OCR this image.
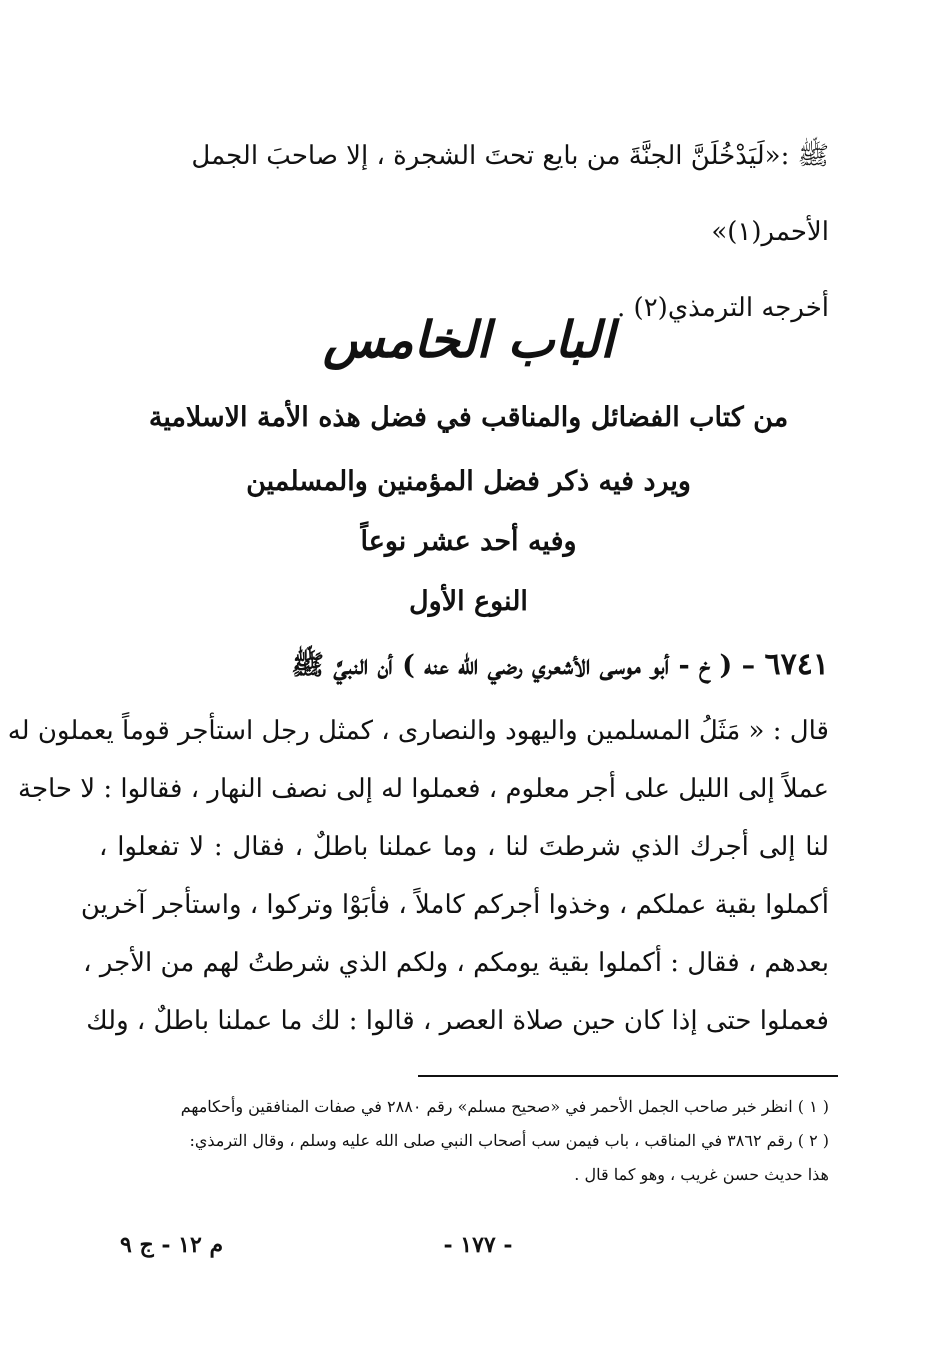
ﷺ :«لَيَدْخُلَنَّ الجنَّةَ من بايع تحتَ الشجرة ، إلا صاحبَ الجمل الأحمر(١)»
أخرجه الترمذي(٢) .
الباب الخامس
من كتاب الفضائل والمناقب في فضل هذه الأمة الاسلامية
ويرد فيه ذكر فضل المؤمنين والمسلمين
وفيه أحد عشر نوعاً
النوع الأول
٦٧٤١ – ( خ - أبو موسى الأشعري رضي الله عنه ) أن النبيَّ ﷺ
قال : « مَثَلُ المسلمين واليهود والنصارى ، كمثل رجل استأجر قوماً يعملون له
عملاً إلى الليل على أجر معلوم ، فعملوا له إلى نصف النهار ، فقالوا : لا حاجة
لنا إلى أجرك الذي شرطتَ لنا ، وما عملنا باطلٌ ، فقال : لا تفعلوا ،
أكملوا بقية عملكم ، وخذوا أجركم كاملاً ، فأبَوْا وتركوا ، واستأجر آخرين
بعدهم ، فقال : أكملوا بقية يومكم ، ولكم الذي شرطتُ لهم من الأجر ،
فعملوا حتى إذا كان حين صلاة العصر ، قالوا : لك ما عملنا باطلٌ ، ولك
( ١ ) انظر خبر صاحب الجمل الأحمر في «صحيح مسلم» رقم ٢٨٨٠ في صفات المنافقين وأحكامهم
( ٢ ) رقم ٣٨٦٢ في المناقب ، باب فيمن سب أصحاب النبي صلى الله عليه وسلم ، وقال الترمذي:
هذا حديث حسن غريب ، وهو كما قال .
- ١٧٧ -
م ١٢ - ج ٩
